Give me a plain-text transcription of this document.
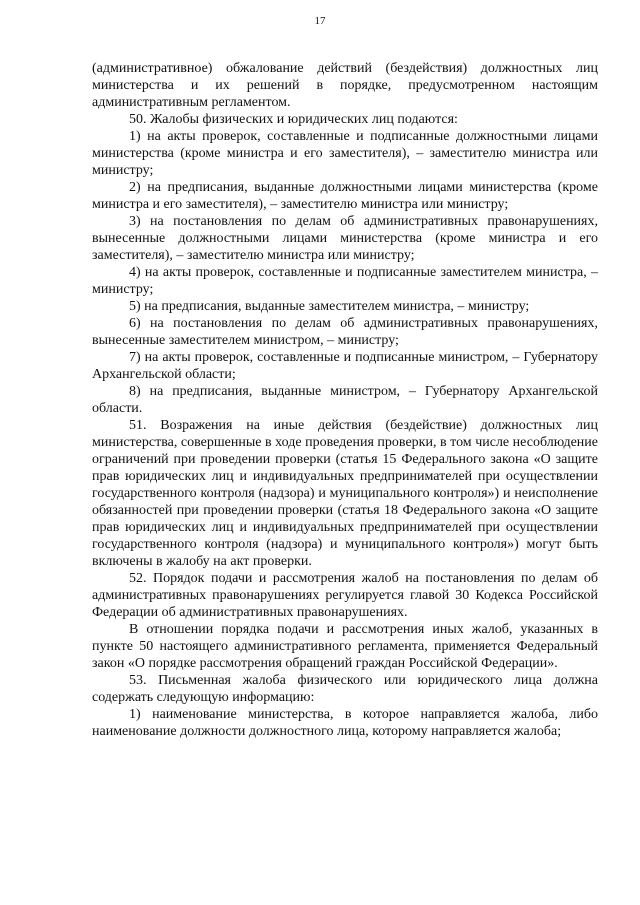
17

(административное) обжалование действий (бездействия) должностных лиц министерства и их решений в порядке, предусмотренном настоящим административным регламентом.

50. Жалобы физических и юридических лиц подаются:

1) на акты проверок, составленные и подписанные должностными лицами министерства (кроме министра и его заместителя), – заместителю министра или министру;

2) на предписания, выданные должностными лицами министерства (кроме министра и его заместителя), – заместителю министра или министру;

3) на постановления по делам об административных правонарушениях, вынесенные должностными лицами министерства (кроме министра и его заместителя), – заместителю министра или министру;

4) на акты проверок, составленные и подписанные заместителем министра, – министру;

5) на предписания, выданные заместителем министра, – министру;

6) на постановления по делам об административных правонарушениях, вынесенные заместителем министром, – министру;

7) на акты проверок, составленные и подписанные министром, – Губернатору Архангельской области;

8) на предписания, выданные министром, – Губернатору Архангельской области.

51. Возражения на иные действия (бездействие) должностных лиц министерства, совершенные в ходе проведения проверки, в том числе несоблюдение ограничений при проведении проверки (статья 15 Федерального закона «О защите прав юридических лиц и индивидуальных предпринимателей при осуществлении государственного контроля (надзора) и муниципального контроля») и неисполнение обязанностей при проведении проверки (статья 18 Федерального закона «О защите прав юридических лиц и индивидуальных предпринимателей при осуществлении государственного контроля (надзора) и муниципального контроля») могут быть включены в жалобу на акт проверки.

52. Порядок подачи и рассмотрения жалоб на постановления по делам об административных правонарушениях регулируется главой 30 Кодекса Российской Федерации об административных правонарушениях.

В отношении порядка подачи и рассмотрения иных жалоб, указанных в пункте 50 настоящего административного регламента, применяется Федеральный закон «О порядке рассмотрения обращений граждан Российской Федерации».

53. Письменная жалоба физического или юридического лица должна содержать следующую информацию:

1) наименование министерства, в которое направляется жалоба, либо наименование должности должностного лица, которому направляется жалоба;
